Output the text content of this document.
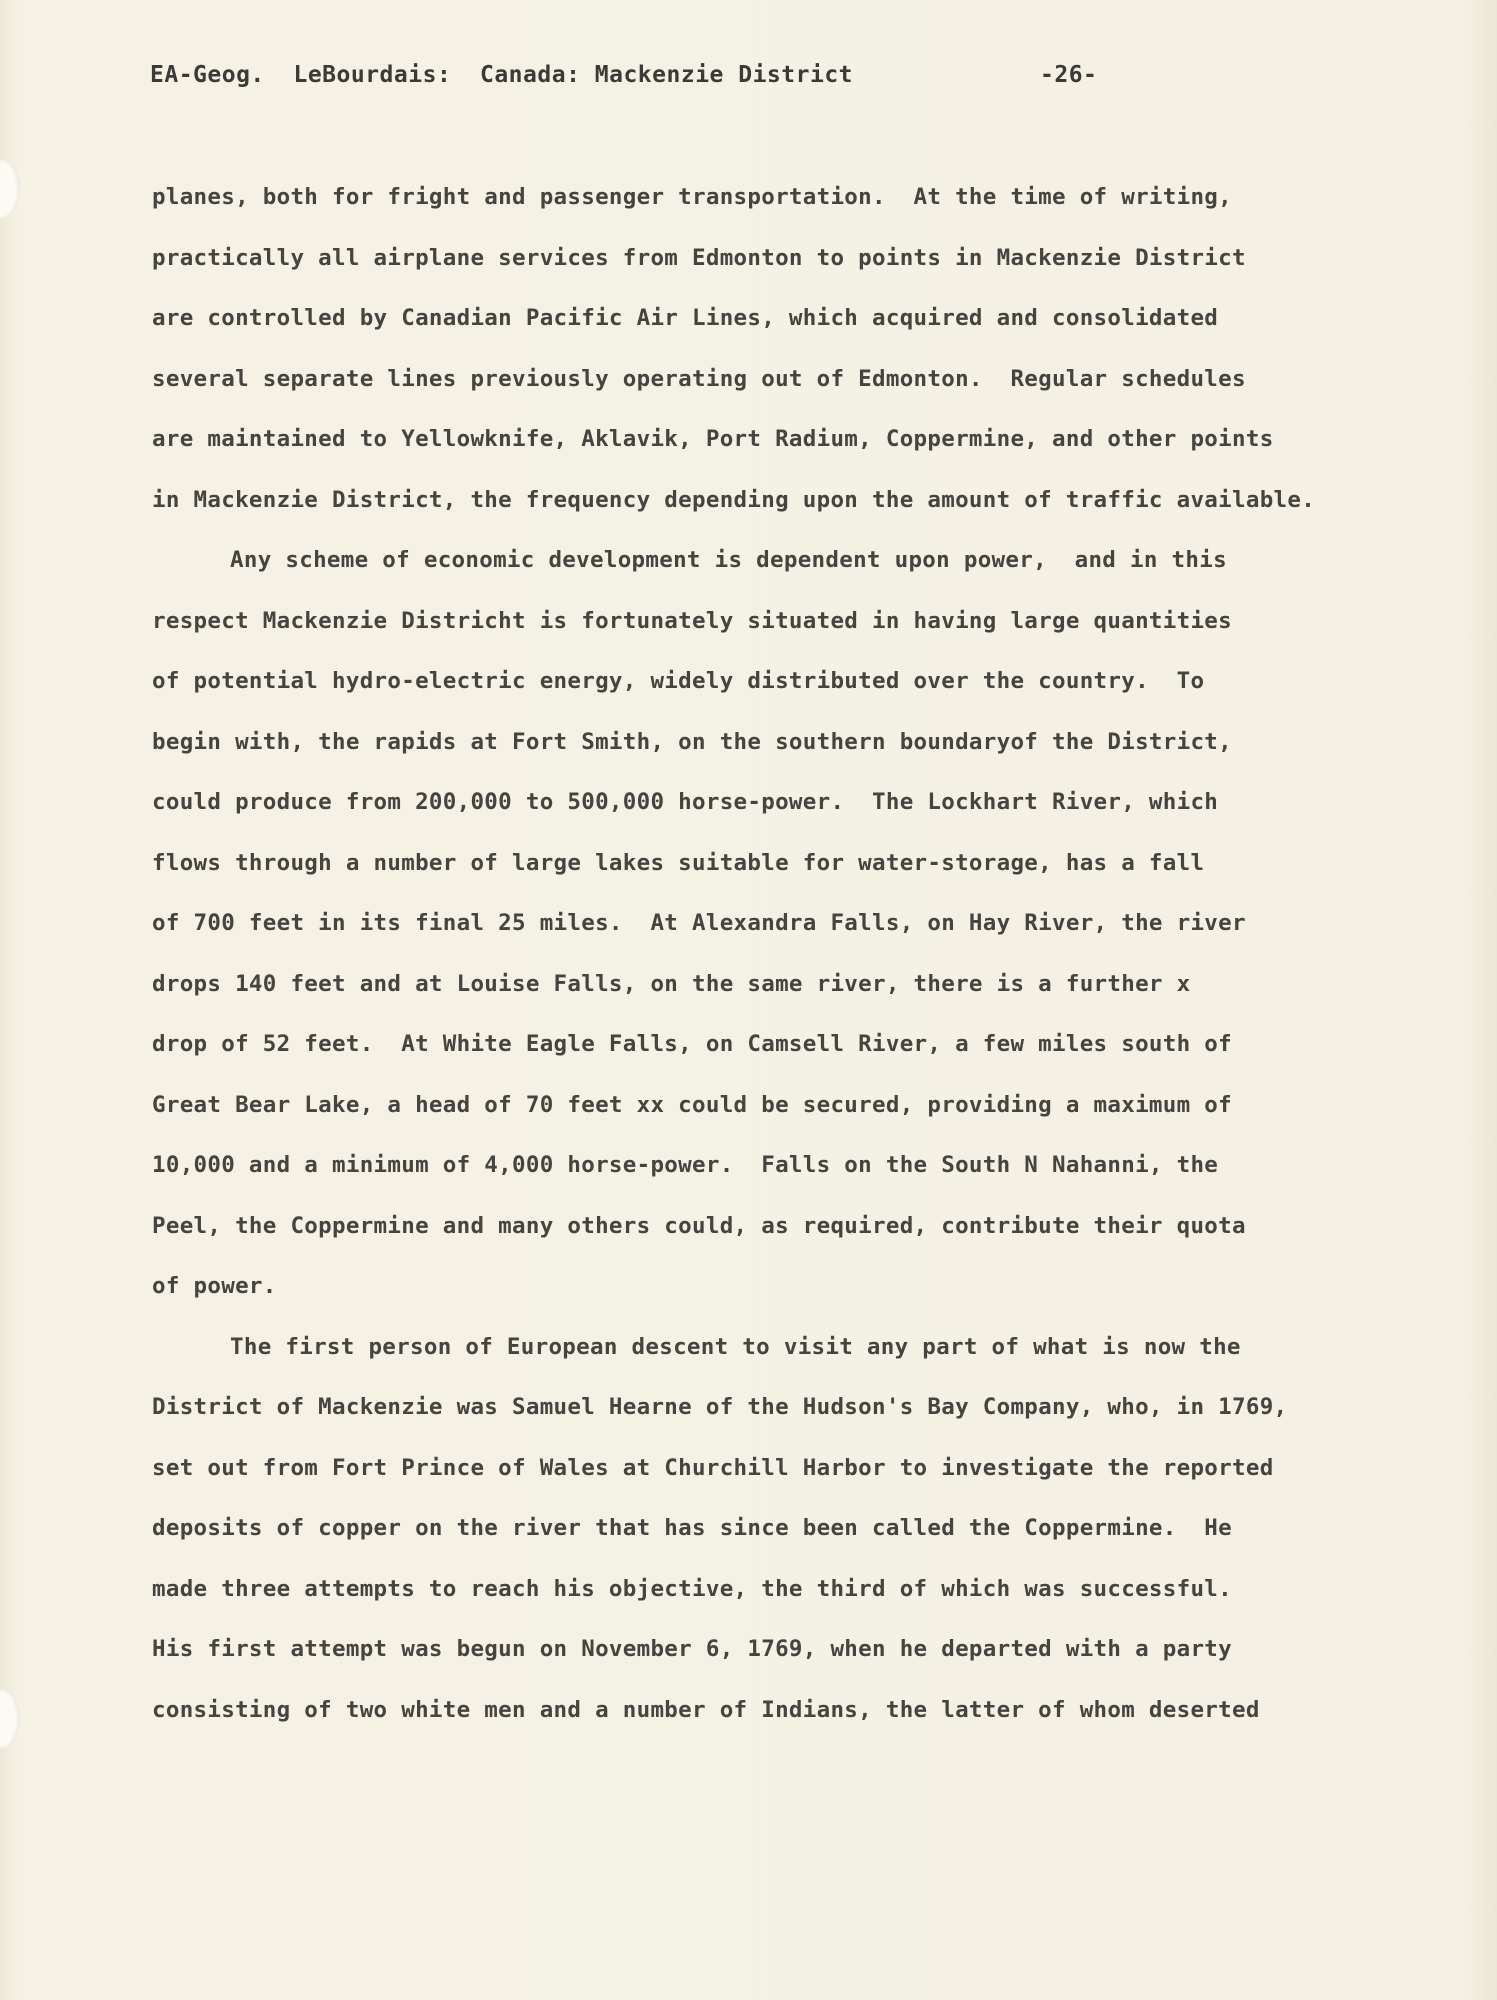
EA-Geog.  LeBourdais:  Canada: Mackenzie District

	-26-

planes, both for fright and passenger transportation.  At the time of writing,
practically all airplane services from Edmonton to points in Mackenzie District
are controlled by Canadian Pacific Air Lines, which acquired and consolidated
several separate lines previously operating out of Edmonton.  Regular schedules
are maintained to Yellowknife, Aklavik, Port Radium, Coppermine, and other points
in Mackenzie District, the frequency depending upon the amount of traffic available.
Any scheme of economic development is dependent upon power,  and in this
respect Mackenzie Districht is fortunately situated in having large quantities
of potential hydro-electric energy, widely distributed over the country.  To
begin with, the rapids at Fort Smith, on the southern boundaryof the District,
could produce from 200,000 to 500,000 horse-power.  The Lockhart River, which
flows through a number of large lakes suitable for water-storage, has a fall
of 700 feet in its final 25 miles.  At Alexandra Falls, on Hay River, the river
drops 140 feet and at Louise Falls, on the same river, there is a further x
drop of 52 feet.  At White Eagle Falls, on Camsell River, a few miles south of
Great Bear Lake, a head of 70 feet xx could be secured, providing a maximum of
10,000 and a minimum of 4,000 horse-power.  Falls on the South N Nahanni, the
Peel, the Coppermine and many others could, as required, contribute their quota
of power.
The first person of European descent to visit any part of what is now the
District of Mackenzie was Samuel Hearne of the Hudson's Bay Company, who, in 1769,
set out from Fort Prince of Wales at Churchill Harbor to investigate the reported
deposits of copper on the river that has since been called the Coppermine.  He
made three attempts to reach his objective, the third of which was successful.
His first attempt was begun on November 6, 1769, when he departed with a party
consisting of two white men and a number of Indians, the latter of whom deserted
